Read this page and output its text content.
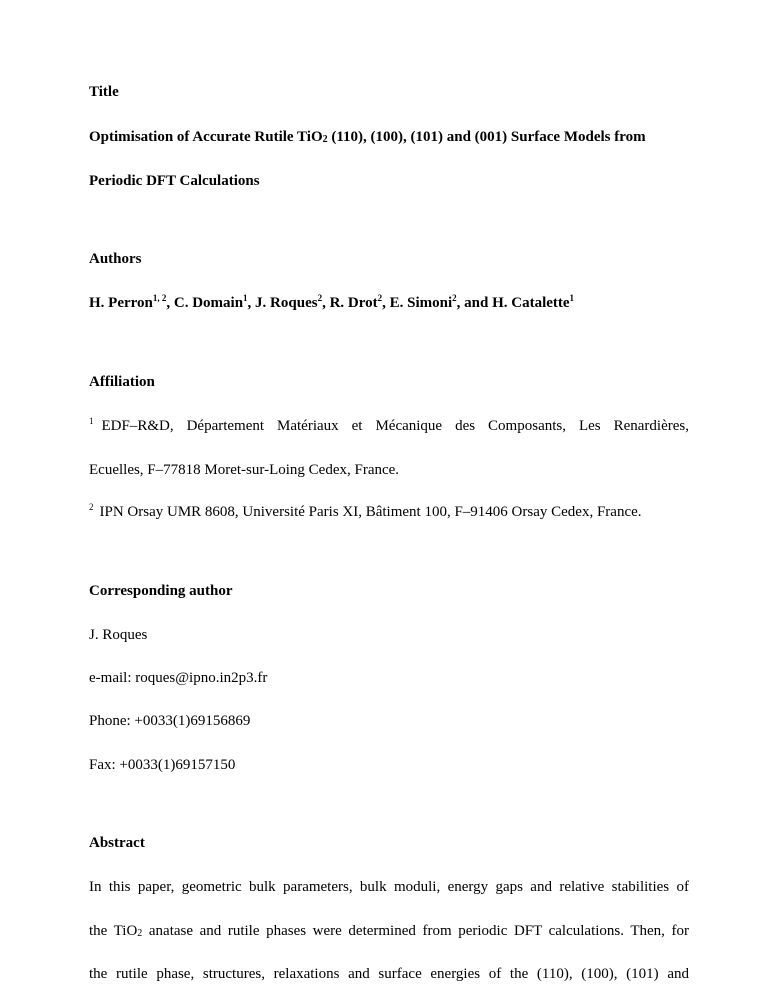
Title
Optimisation of Accurate Rutile TiO$_2$ (110), (100), (101) and (001) Surface Models from
Periodic DFT Calculations
Authors
H. Perron$^{1, 2}$, C. Domain$^1$, J. Roques$^2$, R. Drot$^2$, E. Simoni$^2$, and H. Catalette$^1$
Affiliation
$^1$ EDF–R&D, Département Matériaux et Mécanique des Composants, Les Renardières,
Ecuelles, F–77818 Moret-sur-Loing Cedex, France.
$^2$ IPN Orsay UMR 8608, Université Paris XI, Bâtiment 100, F–91406 Orsay Cedex, France.
Corresponding author
J. Roques
e-mail: roques@ipno.in2p3.fr
Phone: +0033(1)69156869
Fax: +0033(1)69157150
Abstract
In this paper, geometric bulk parameters, bulk moduli, energy gaps and relative stabilities of
the TiO$_2$ anatase and rutile phases were determined from periodic DFT calculations. Then, for
the rutile phase, structures, relaxations and surface energies of the (110), (100), (101) and
